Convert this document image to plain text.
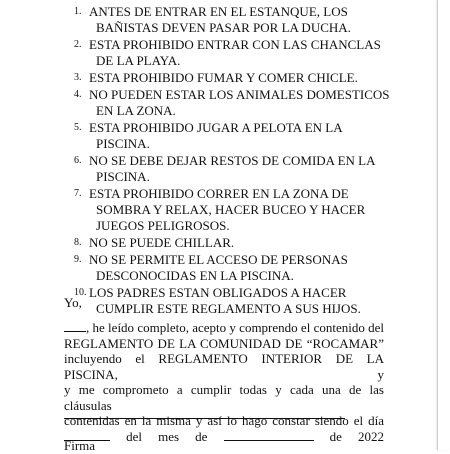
1. ANTES DE ENTRAR EN EL ESTANQUE, LOS
BAÑISTAS DEVEN PASAR POR LA DUCHA.
2. ESTA PROHIBIDO ENTRAR CON LAS CHANCLAS
DE LA PLAYA.
3. ESTA PROHIBIDO FUMAR Y COMER CHICLE.
4. NO PUEDEN ESTAR LOS ANIMALES DOMESTICOS
EN LA ZONA.
5. ESTA PROHIBIDO JUGAR A PELOTA EN LA
PISCINA.
6. NO SE DEBE DEJAR RESTOS DE COMIDA EN LA
PISCINA.
7. ESTA PROHIBIDO CORRER EN LA ZONA DE
SOMBRA Y RELAX, HACER BUCEO Y HACER
JUEGOS PELIGROSOS.
8. NO SE PUEDE CHILLAR.
9. NO SE PERMITE EL ACCESO DE PERSONAS
DESCONOCIDAS EN LA PISCINA.
10. LOS PADRES ESTAN OBLIGADOS A HACER
CUMPLIR ESTE REGLAMENTO A SUS HIJOS.
Yo,
, he leído completo, acepto y comprendo el contenido del
REGLAMENTO DE LA COMUNIDAD DE “ROCAMAR”
incluyendo el REGLAMENTO INTERIOR DE LA PISCINA, y
y me comprometo a cumplir todas y cada una de las cláusulas
contenidas en la misma y así lo hago constar siendo el día
del mes de	de 2022
Firma
